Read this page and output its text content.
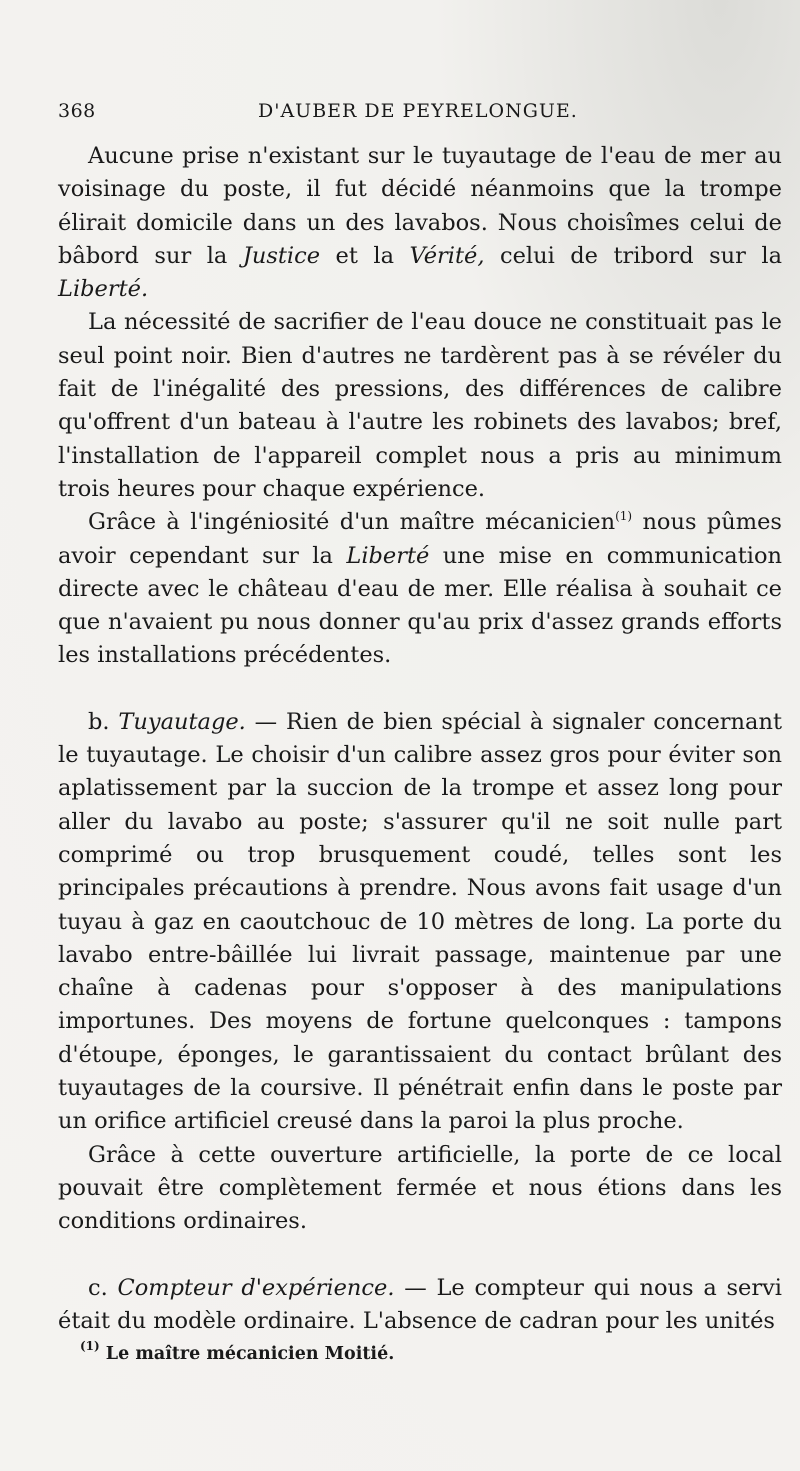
368	D'AUBER DE PEYRELONGUE.

Aucune prise n'existant sur le tuyautage de l'eau de mer au voisinage du poste, il fut décidé néanmoins que la trompe élirait domicile dans un des lavabos. Nous choisîmes celui de bâbord sur la Justice et la Vérité, celui de tribord sur la Liberté.

La nécessité de sacrifier de l'eau douce ne constituait pas le seul point noir. Bien d'autres ne tardèrent pas à se révéler du fait de l'inégalité des pressions, des différences de calibre qu'offrent d'un bateau à l'autre les robinets des lavabos; bref, l'installation de l'appareil complet nous a pris au minimum trois heures pour chaque expérience.

Grâce à l'ingéniosité d'un maître mécanicien$^{(1)}$ nous pûmes avoir cependant sur la Liberté une mise en communication directe avec le château d'eau de mer. Elle réalisa à souhait ce que n'avaient pu nous donner qu'au prix d'assez grands efforts les installations précédentes.

b. Tuyautage. — Rien de bien spécial à signaler concernant le tuyautage. Le choisir d'un calibre assez gros pour éviter son aplatissement par la succion de la trompe et assez long pour aller du lavabo au poste; s'assurer qu'il ne soit nulle part comprimé ou trop brusquement coudé, telles sont les principales précautions à prendre. Nous avons fait usage d'un tuyau à gaz en caoutchouc de 10 mètres de long. La porte du lavabo entre-bâillée lui livrait passage, maintenue par une chaîne à cadenas pour s'opposer à des manipulations importunes. Des moyens de fortune quelconques : tampons d'étoupe, éponges, le garantissaient du contact brûlant des tuyautages de la coursive. Il pénétrait enfin dans le poste par un orifice artificiel creusé dans la paroi la plus proche.

Grâce à cette ouverture artificielle, la porte de ce local pouvait être complètement fermée et nous étions dans les conditions ordinaires.

c. Compteur d'expérience. — Le compteur qui nous a servi était du modèle ordinaire. L'absence de cadran pour les unités

$^{(1)}$ Le maître mécanicien Moitié.
